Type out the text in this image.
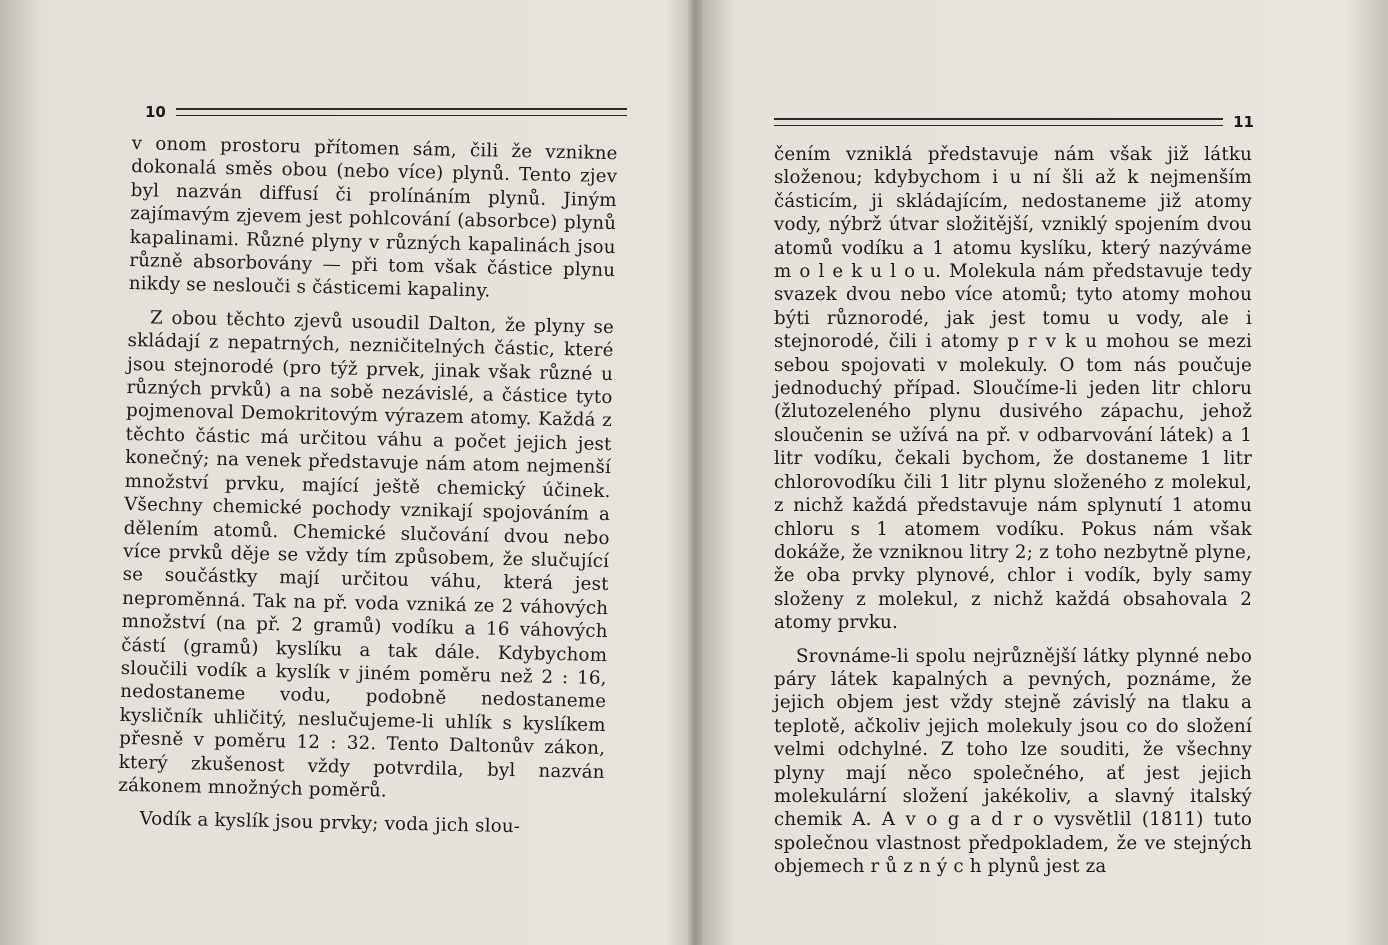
10

v onom prostoru přítomen sám, čili že vznikne dokonalá směs obou (nebo více) plynů. Tento zjev byl nazván diffusí či prolínáním plynů. Jiným zajímavým zjevem jest pohlcování (absorbce) plynů kapalinami. Různé plyny v různých kapalinách jsou různě absorbovány — při tom však částice plynu nikdy se neslouči s částicemi kapaliny.

Z obou těchto zjevů usoudil Dalton, že plyny se skládají z nepatrných, nezničitelných částic, které jsou stejnorodé (pro týž prvek, jinak však různé u různých prvků) a na sobě nezávislé, a částice tyto pojmenoval Demokritovým výrazem atomy. Každá z těchto částic má určitou váhu a počet jejich jest konečný; na venek představuje nám atom nejmenší množství prvku, mající ještě chemický účinek. Všechny chemické pochody vznikají spojováním a dělením atomů. Chemické slučování dvou nebo více prvků děje se vždy tím způsobem, že slučující se součástky mají určitou váhu, která jest neproměnná. Tak na př. voda vzniká ze 2 váhových množství (na př. 2 gramů) vodíku a 16 váhových částí (gramů) kyslíku a tak dále. Kdybychom sloučili vodík a kyslík v jiném poměru než 2 : 16, nedostaneme vodu, podobně nedostaneme kysličník uhličitý, neslučujeme-li uhlík s kyslíkem přesně v poměru 12 : 32. Tento Daltonův zákon, který zkušenost vždy potvrdila, byl nazván zákonem množných poměrů.

Vodík a kyslík jsou prvky; voda jich slou-

11

čením vzniklá představuje nám však již látku složenou; kdybychom i u ní šli až k nejmenším částicím, ji skládajícím, nedostaneme již atomy vody, nýbrž útvar složitější, vzniklý spojením dvou atomů vodíku a 1 atomu kyslíku, který nazýváme m o l e k u l o u. Molekula nám představuje tedy svazek dvou nebo více atomů; tyto atomy mohou býti různorodé, jak jest tomu u vody, ale i stejnorodé, čili i atomy p r v k u mohou se mezi sebou spojovati v molekuly. O tom nás poučuje jednoduchý případ. Sloučíme-li jeden litr chloru (žlutozeleného plynu dusivého zápachu, jehož sloučenin se užívá na př. v odbarvování látek) a 1 litr vodíku, čekali bychom, že dostaneme 1 litr chlorovodíku čili 1 litr plynu složeného z molekul, z nichž každá představuje nám splynutí 1 atomu chloru s 1 atomem vodíku. Pokus nám však dokáže, že vzniknou litry 2; z toho nezbytně plyne, že oba prvky plynové, chlor i vodík, byly samy složeny z molekul, z nichž každá obsahovala 2 atomy prvku.

Srovnáme-li spolu nejrůznější látky plynné nebo páry látek kapalných a pevných, poznáme, že jejich objem jest vždy stejně závislý na tlaku a teplotě, ačkoliv jejich molekuly jsou co do složení velmi odchylné. Z toho lze souditi, že všechny plyny mají něco společného, ať jest jejich molekulární složení jakékoliv, a slavný italský chemik A. A v o g a d r o vysvětlil (1811) tuto společnou vlastnost předpokladem, že ve stejných objemech r ů z n ý c h plynů jest za
